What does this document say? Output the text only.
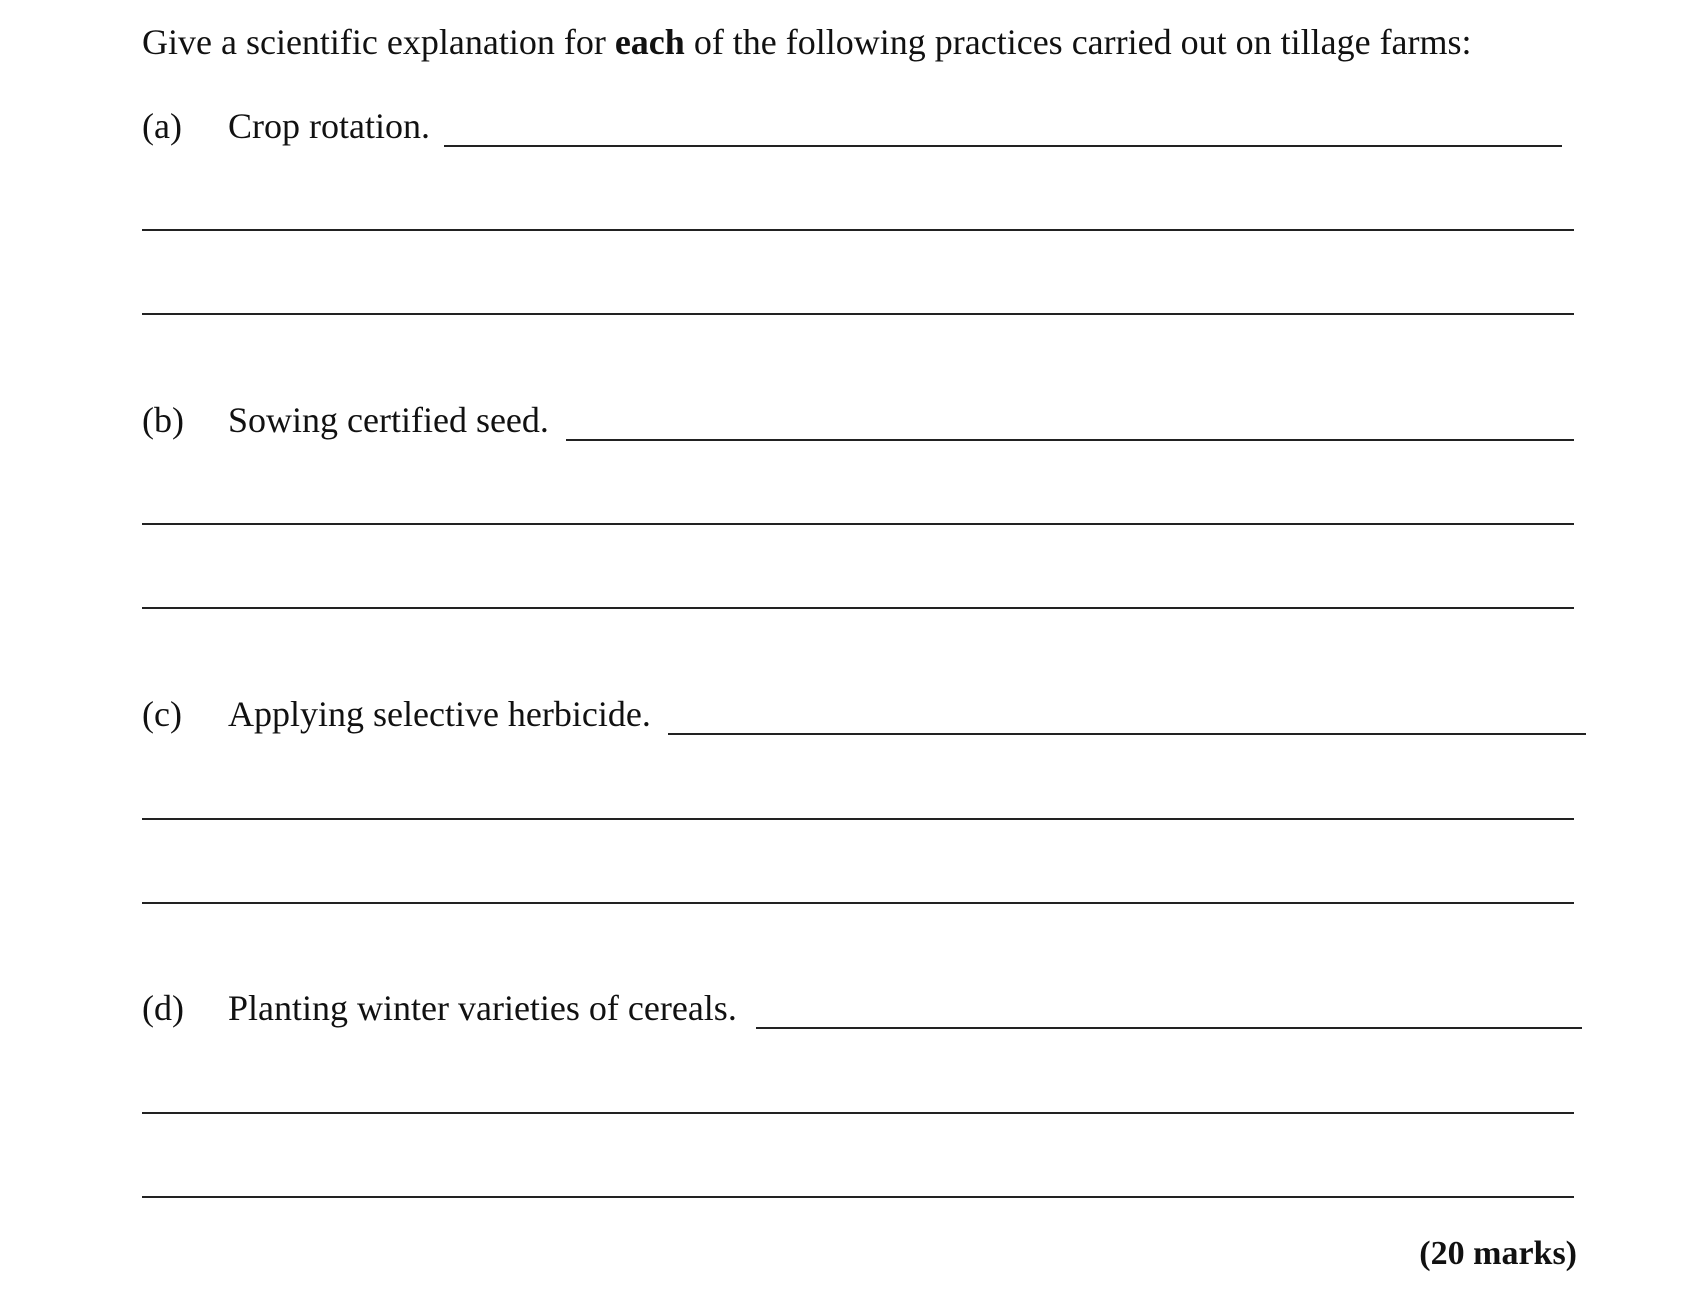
Give a scientific explanation for each of the following practices carried out on tillage farms:
(a) Crop rotation.
(b) Sowing certified seed.
(c) Applying selective herbicide.
(d) Planting winter varieties of cereals.
(20 marks)
